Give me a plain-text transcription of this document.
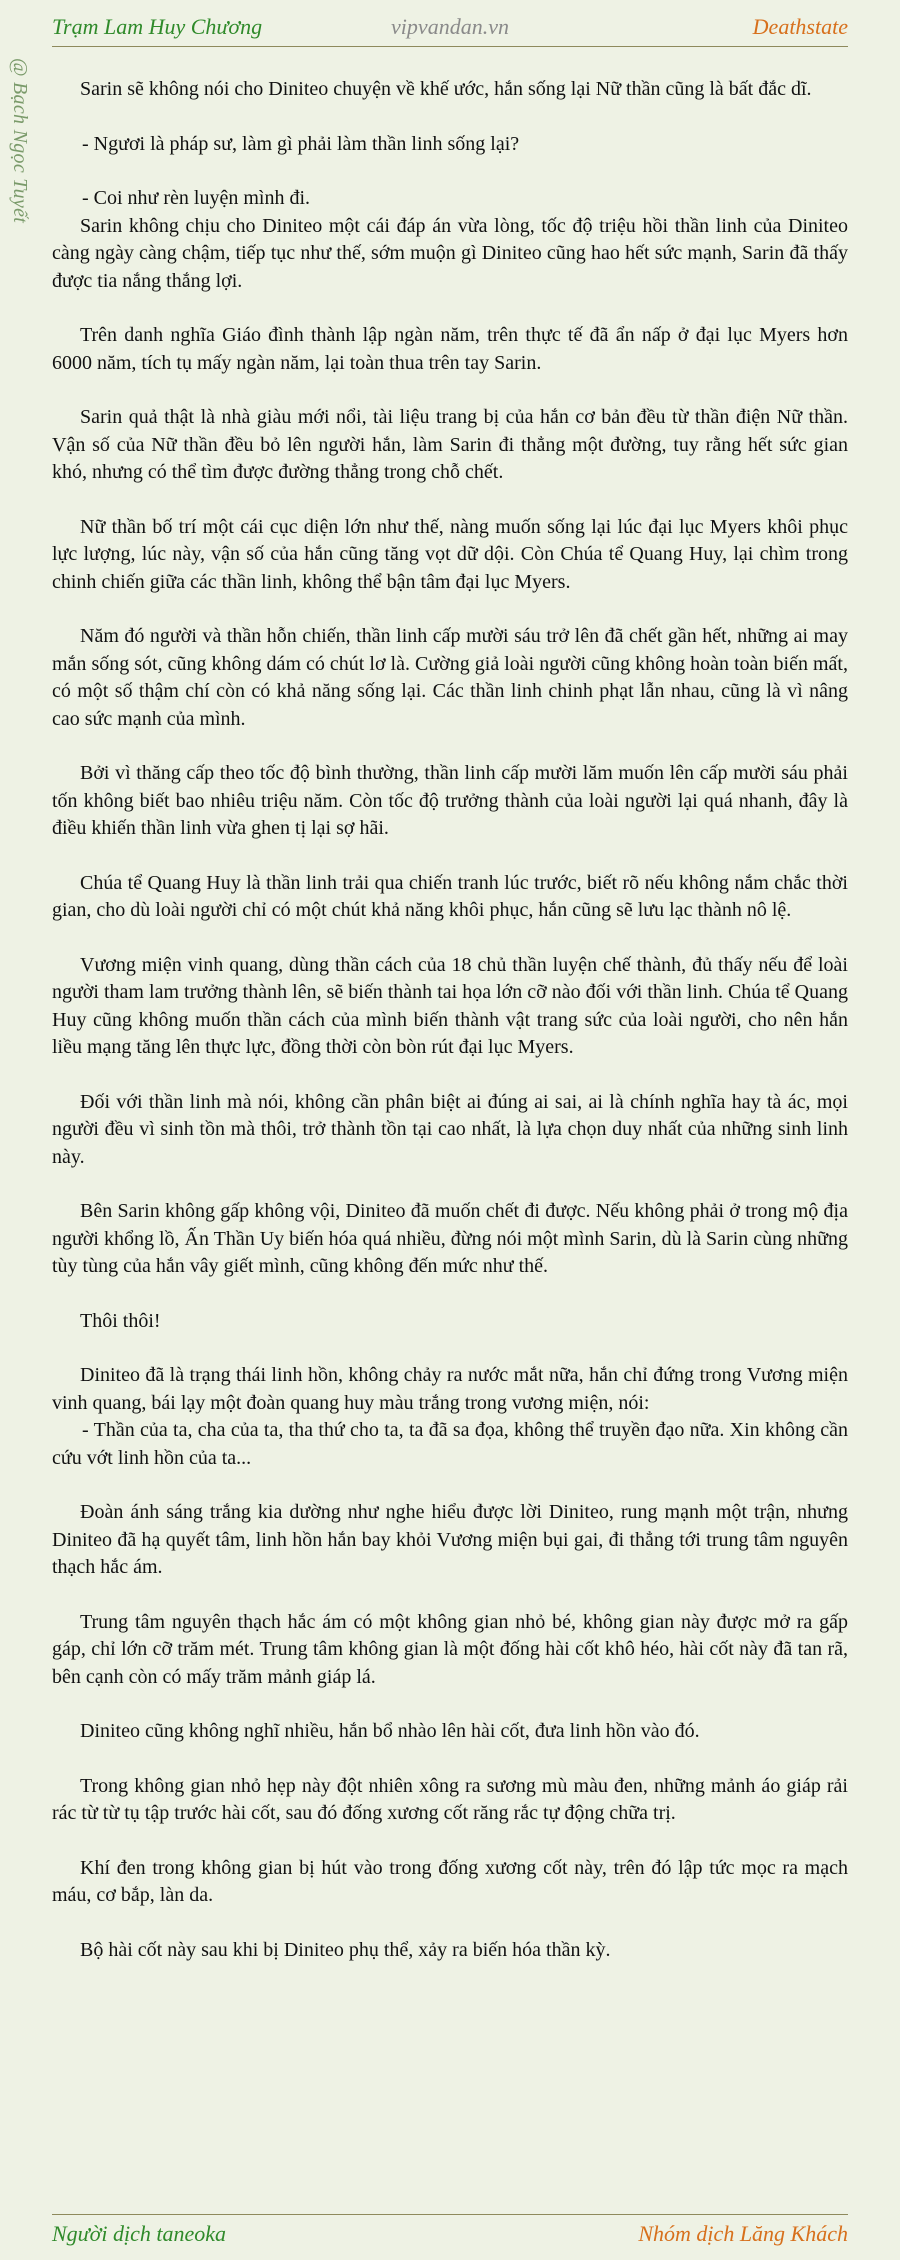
vipvandan.vn
Trạm Lam Huy Chương	Deathstate
@ Bạch Ngọc Tuyết	Sarin sẽ không nói cho Diniteo chuyện về khế ước, hắn sống lại Nữ thần cũng là bất đắc dĩ.

- Ngươi là pháp sư, làm gì phải làm thần linh sống lại?

- Coi như rèn luyện mình đi.

Sarin không chịu cho Diniteo một cái đáp án vừa lòng, tốc độ triệu hồi thần linh của Diniteo càng ngày càng chậm, tiếp tục như thế, sớm muộn gì Diniteo cũng hao hết sức mạnh, Sarin đã thấy được tia nắng thắng lợi.

Trên danh nghĩa Giáo đình thành lập ngàn năm, trên thực tế đã ẩn nấp ở đại lục Myers hơn 6000 năm, tích tụ mấy ngàn năm, lại toàn thua trên tay Sarin.

Sarin quả thật là nhà giàu mới nổi, tài liệu trang bị của hắn cơ bản đều từ thần điện Nữ thần. Vận số của Nữ thần đều bỏ lên người hắn, làm Sarin đi thẳng một đường, tuy rằng hết sức gian khó, nhưng có thể tìm được đường thẳng trong chỗ chết.

Nữ thần bố trí một cái cục diện lớn như thế, nàng muốn sống lại lúc đại lục Myers khôi phục lực lượng, lúc này, vận số của hắn cũng tăng vọt dữ dội. Còn Chúa tể Quang Huy, lại chìm trong chinh chiến giữa các thần linh, không thể bận tâm đại lục Myers.

Năm đó người và thần hỗn chiến, thần linh cấp mười sáu trở lên đã chết gần hết, những ai may mắn sống sót, cũng không dám có chút lơ là. Cường giả loài người cũng không hoàn toàn biến mất, có một số thậm chí còn có khả năng sống lại. Các thần linh chinh phạt lẫn nhau, cũng là vì nâng cao sức mạnh của mình.

Bởi vì thăng cấp theo tốc độ bình thường, thần linh cấp mười lăm muốn lên cấp mười sáu phải tốn không biết bao nhiêu triệu năm. Còn tốc độ trưởng thành của loài người lại quá nhanh, đây là điều khiến thần linh vừa ghen tị lại sợ hãi.

Chúa tể Quang Huy là thần linh trải qua chiến tranh lúc trước, biết rõ nếu không nắm chắc thời gian, cho dù loài người chỉ có một chút khả năng khôi phục, hắn cũng sẽ lưu lạc thành nô lệ.

Vương miện vinh quang, dùng thần cách của 18 chủ thần luyện chế thành, đủ thấy nếu để loài người tham lam trưởng thành lên, sẽ biến thành tai họa lớn cỡ nào đối với thần linh. Chúa tể Quang Huy cũng không muốn thần cách của mình biến thành vật trang sức của loài người, cho nên hắn liều mạng tăng lên thực lực, đồng thời còn bòn rút đại lục Myers.

Đối với thần linh mà nói, không cần phân biệt ai đúng ai sai, ai là chính nghĩa hay tà ác, mọi người đều vì sinh tồn mà thôi, trở thành tồn tại cao nhất, là lựa chọn duy nhất của những sinh linh này.

Bên Sarin không gấp không vội, Diniteo đã muốn chết đi được. Nếu không phải ở trong mộ địa người khổng lồ, Ấn Thần Uy biến hóa quá nhiều, đừng nói một mình Sarin, dù là Sarin cùng những tùy tùng của hắn vây giết mình, cũng không đến mức như thế.

Thôi thôi!

Diniteo đã là trạng thái linh hồn, không chảy ra nước mắt nữa, hắn chỉ đứng trong Vương miện vinh quang, bái lạy một đoàn quang huy màu trắng trong vương miện, nói:

- Thần của ta, cha của ta, tha thứ cho ta, ta đã sa đọa, không thể truyền đạo nữa. Xin không cần cứu vớt linh hồn của ta...

Đoàn ánh sáng trắng kia dường như nghe hiểu được lời Diniteo, rung mạnh một trận, nhưng Diniteo đã hạ quyết tâm, linh hồn hắn bay khỏi Vương miện bụi gai, đi thẳng tới trung tâm nguyên thạch hắc ám.

Trung tâm nguyên thạch hắc ám có một không gian nhỏ bé, không gian này được mở ra gấp gáp, chỉ lớn cỡ trăm mét. Trung tâm không gian là một đống hài cốt khô héo, hài cốt này đã tan rã, bên cạnh còn có mấy trăm mảnh giáp lá.

Diniteo cũng không nghĩ nhiều, hắn bổ nhào lên hài cốt, đưa linh hồn vào đó.

Trong không gian nhỏ hẹp này đột nhiên xông ra sương mù màu đen, những mảnh áo giáp rải rác từ từ tụ tập trước hài cốt, sau đó đống xương cốt răng rắc tự động chữa trị.

Khí đen trong không gian bị hút vào trong đống xương cốt này, trên đó lập tức mọc ra mạch máu, cơ bắp, làn da.

Bộ hài cốt này sau khi bị Diniteo phụ thể, xảy ra biến hóa thần kỳ.

Người dịch taneoka	Nhóm dịch Lăng Khách
